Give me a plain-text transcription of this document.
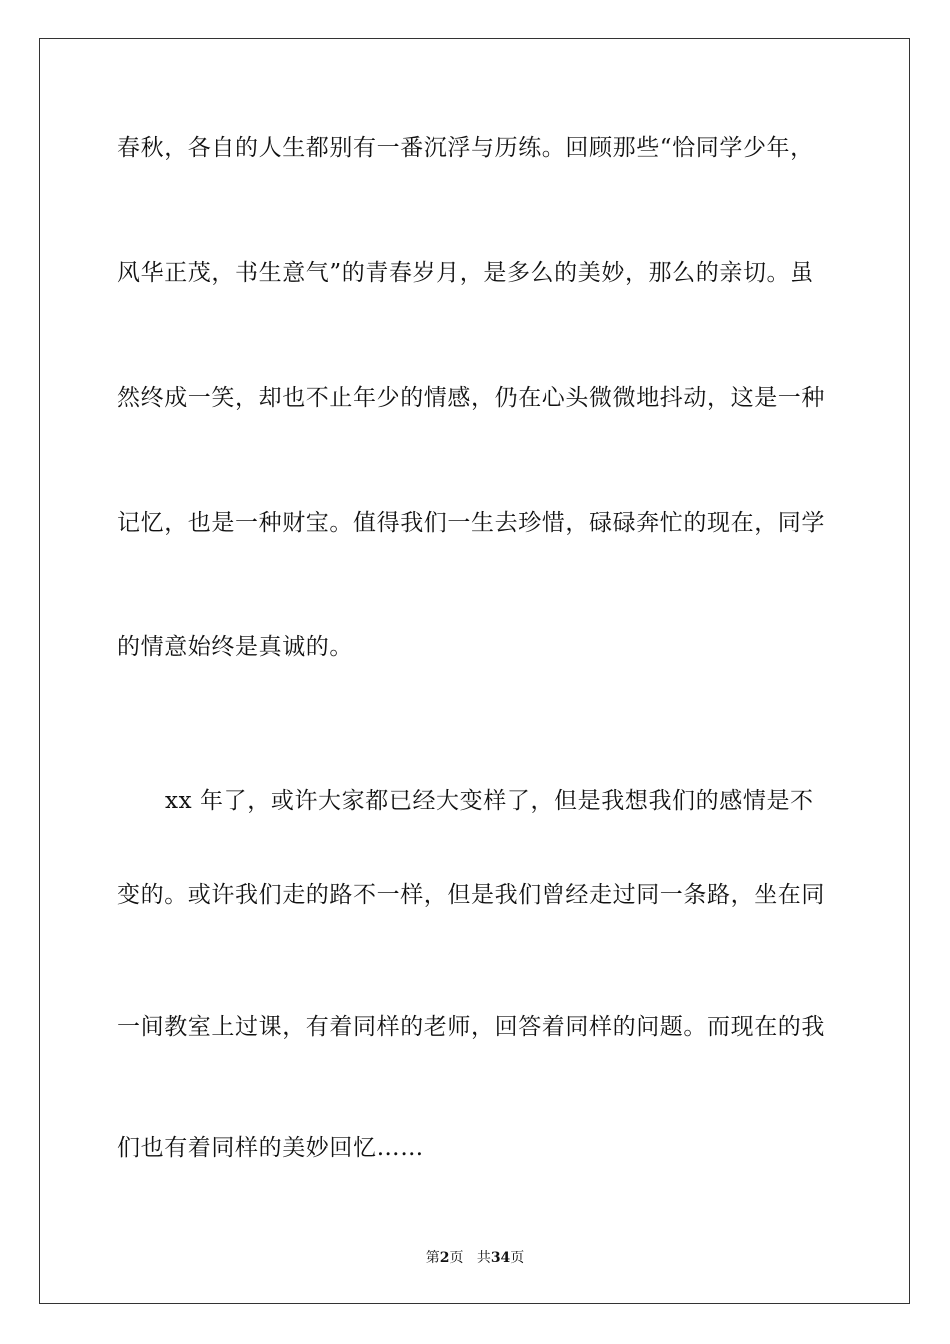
春秋，各自的人生都别有一番沉浮与历练。回顾那些“恰同学少年，
风华正茂，书生意气”的青春岁月，是多么的美妙，那么的亲切。虽
然终成一笑，却也不止年少的情感，仍在心头微微地抖动，这是一种
记忆，也是一种财宝。值得我们一生去珍惜，碌碌奔忙的现在，同学
的情意始终是真诚的。
xx 年了，或许大家都已经大变样了，但是我想我们的感情是不
变的。或许我们走的路不一样，但是我们曾经走过同一条路，坐在同
一间教室上过课，有着同样的老师，回答着同样的问题。而现在的我
们也有着同样的美妙回忆……
第2页 共34页
